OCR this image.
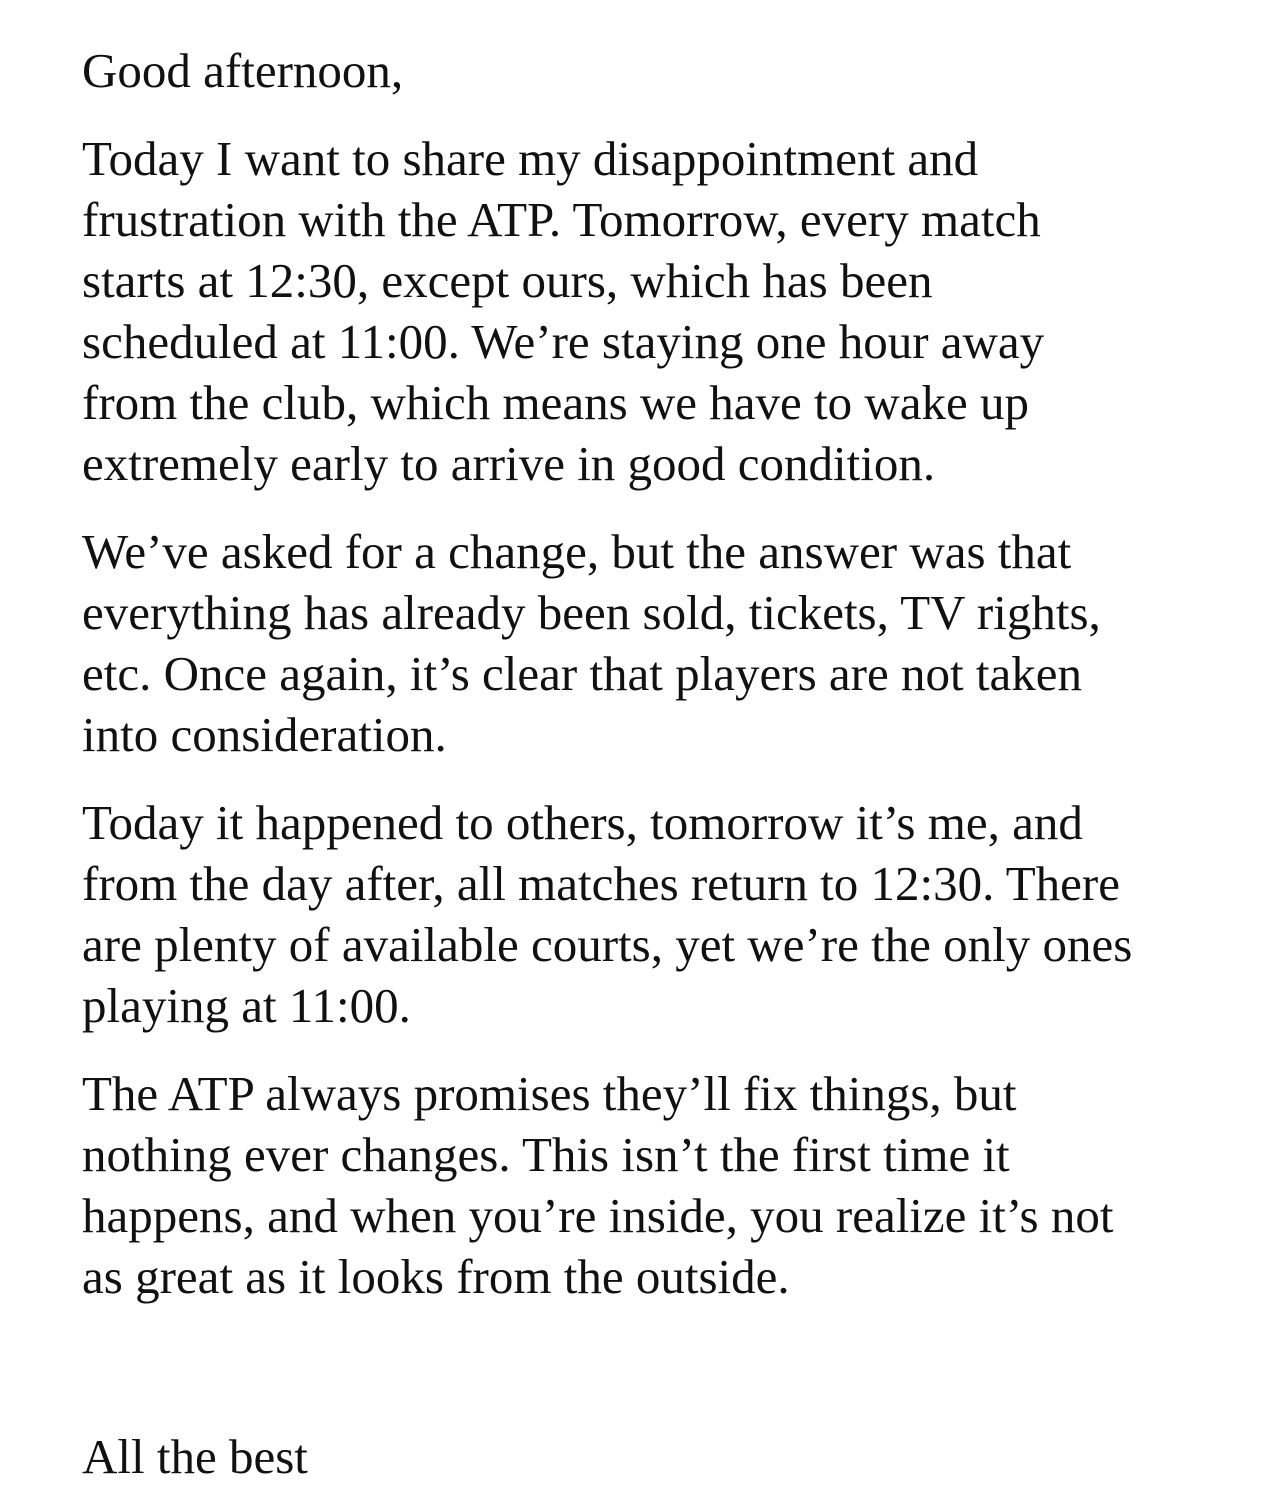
Good afternoon,

Today I want to share my disappointment and
frustration with the ATP. Tomorrow, every match
starts at 12:30, except ours, which has been
scheduled at 11:00. We’re staying one hour away
from the club, which means we have to wake up
extremely early to arrive in good condition.

We’ve asked for a change, but the answer was that
everything has already been sold, tickets, TV rights,
etc. Once again, it’s clear that players are not taken
into consideration.

Today it happened to others, tomorrow it’s me, and
from the day after, all matches return to 12:30. There
are plenty of available courts, yet we’re the only ones
playing at 11:00.

The ATP always promises they’ll fix things, but
nothing ever changes. This isn’t the first time it
happens, and when you’re inside, you realize it’s not
as great as it looks from the outside.

All the best
